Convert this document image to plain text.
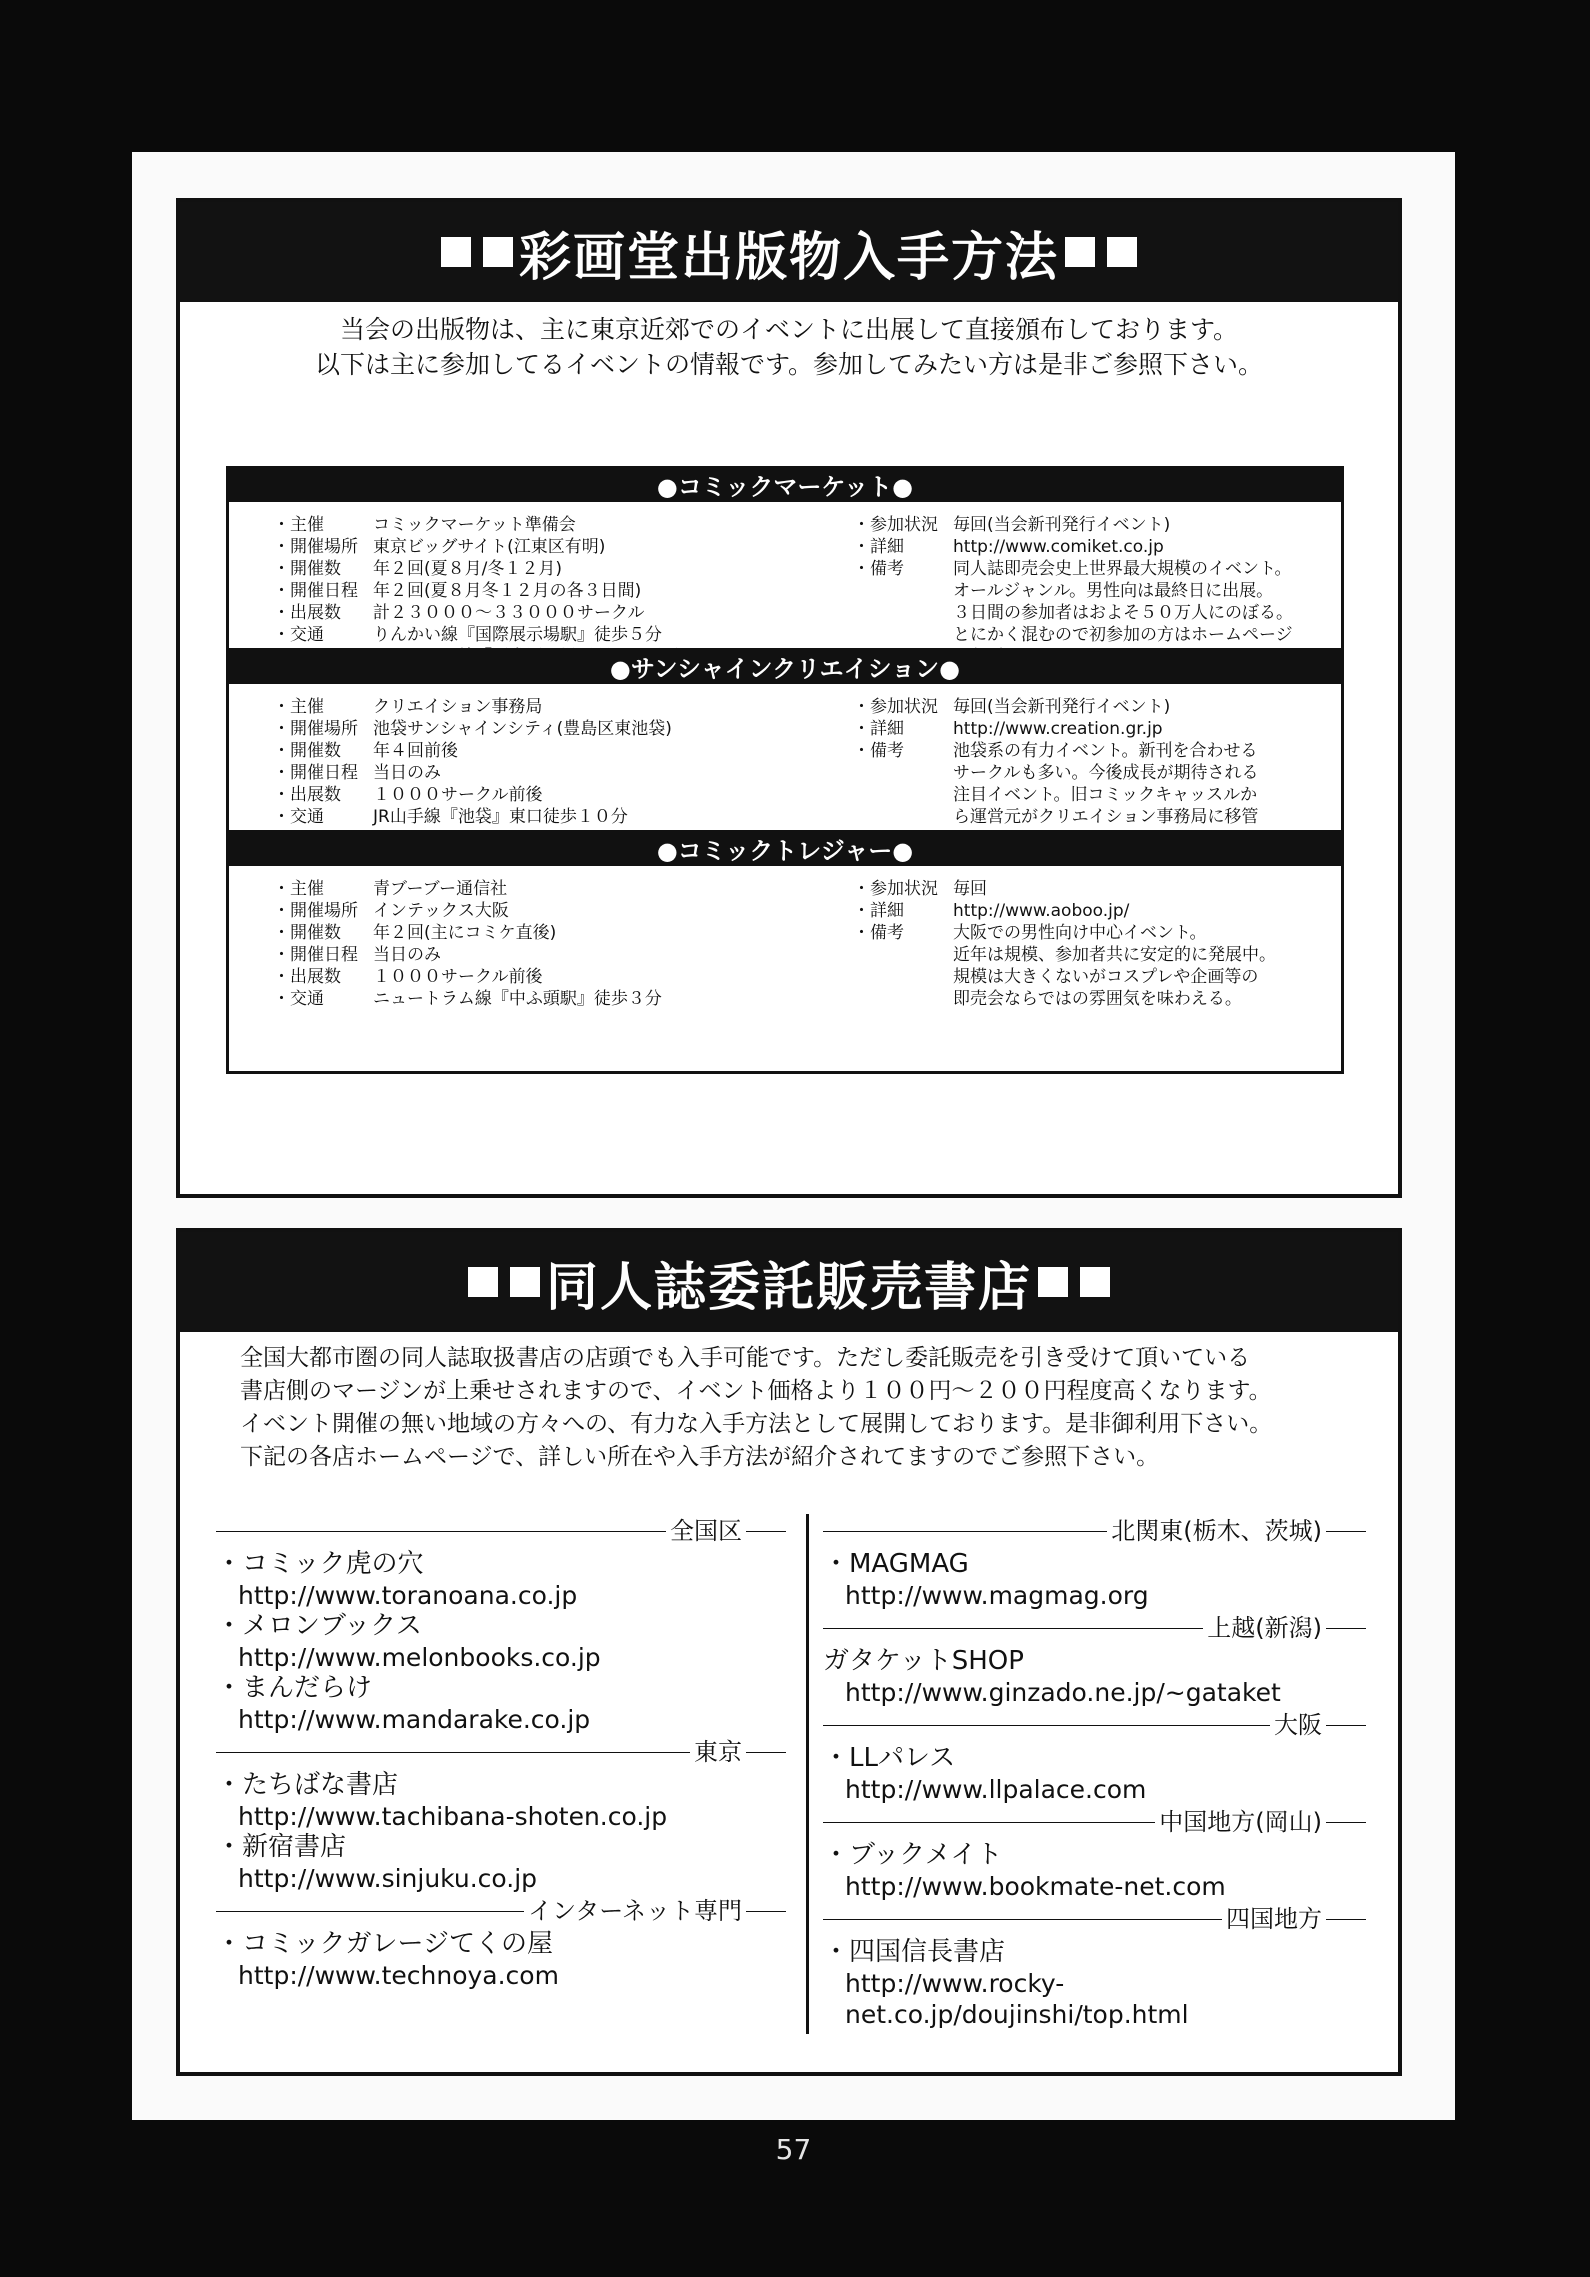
彩画堂出版物入手方法
当会の出版物は、主に東京近郊でのイベントに出展して直接頒布しております。
以下は主に参加してるイベントの情報です。参加してみたい方は是非ご参照下さい。
●コミックマーケット●
・主催	コミックマーケット準備会
・開催場所 東京ビッグサイト(江東区有明)
・開催数	年２回(夏８月/冬１２月)
・開催日程 年２回(夏８月冬１２月の各３日間)
・出展数	計２３０００～３３０００サークル
・交通	りんかい線『国際展示場駅』徒歩５分
・参加状況 毎回(当会新刊発行イベント)
・詳細	http://www.comiket.co.jp
・備考	同人誌即売会史上世界最大規模のイベント。
オールジャンル。男性向は最終日に出展。
３日間の参加者はおよそ５０万人にのぼる。
とにかく混むので初参加の方はホームページ

●サンシャインクリエイション●
・主催	クリエイション事務局
・開催場所 池袋サンシャインシティ(豊島区東池袋)
・開催数	年４回前後
・開催日程 当日のみ
・出展数	１０００サークル前後
・交通	JR山手線『池袋』東口徒歩１０分
・参加状況 毎回(当会新刊発行イベント)
・詳細	http://www.creation.gr.jp
・備考	池袋系の有力イベント。新刊を合わせる
サークルも多い。今後成長が期待される
注目イベント。旧コミックキャッスルか
ら運営元がクリエイション事務局に移管
●コミックトレジャー●
・主催	青ブーブー通信社
・開催場所 インテックス大阪
・開催数	年２回(主にコミケ直後)
・開催日程 当日のみ
・出展数	１０００サークル前後
・交通	ニュートラム線『中ふ頭駅』徒歩３分
・参加状況 毎回
・詳細	http://www.aoboo.jp/
・備考	大阪での男性向け中心イベント。
近年は規模、参加者共に安定的に発展中。
規模は大きくないがコスプレや企画等の
即売会ならではの雰囲気を味わえる。
同人誌委託販売書店
全国大都市圏の同人誌取扱書店の店頭でも入手可能です。ただし委託販売を引き受けて頂いている
書店側のマージンが上乗せされますので、イベント価格より１００円～２００円程度高くなります。
イベント開催の無い地域の方々への、有力な入手方法として展開しております。是非御利用下さい。
下記の各店ホームページで、詳しい所在や入手方法が紹介されてますのでご参照下さい。
全国区
・コミック虎の穴
http://www.toranoana.co.jp
・メロンブックス
http://www.melonbooks.co.jp
・まんだらけ
http://www.mandarake.co.jp
東京
・たちばな書店
http://www.tachibana-shoten.co.jp
・新宿書店
http://www.sinjuku.co.jp
インターネット専門
・コミックガレージてくの屋
http://www.technoya.com
北関東(栃木、茨城)
・MAGMAG
http://www.magmag.org
上越(新潟)
ガタケットSHOP
http://www.ginzado.ne.jp/~gataket
大阪
・LLパレス
http://www.llpalace.com
中国地方(岡山)
・ブックメイト
http://www.bookmate-net.com
四国地方
・四国信長書店
http://www.rocky-net.co.jp/doujinshi/top.html
57
